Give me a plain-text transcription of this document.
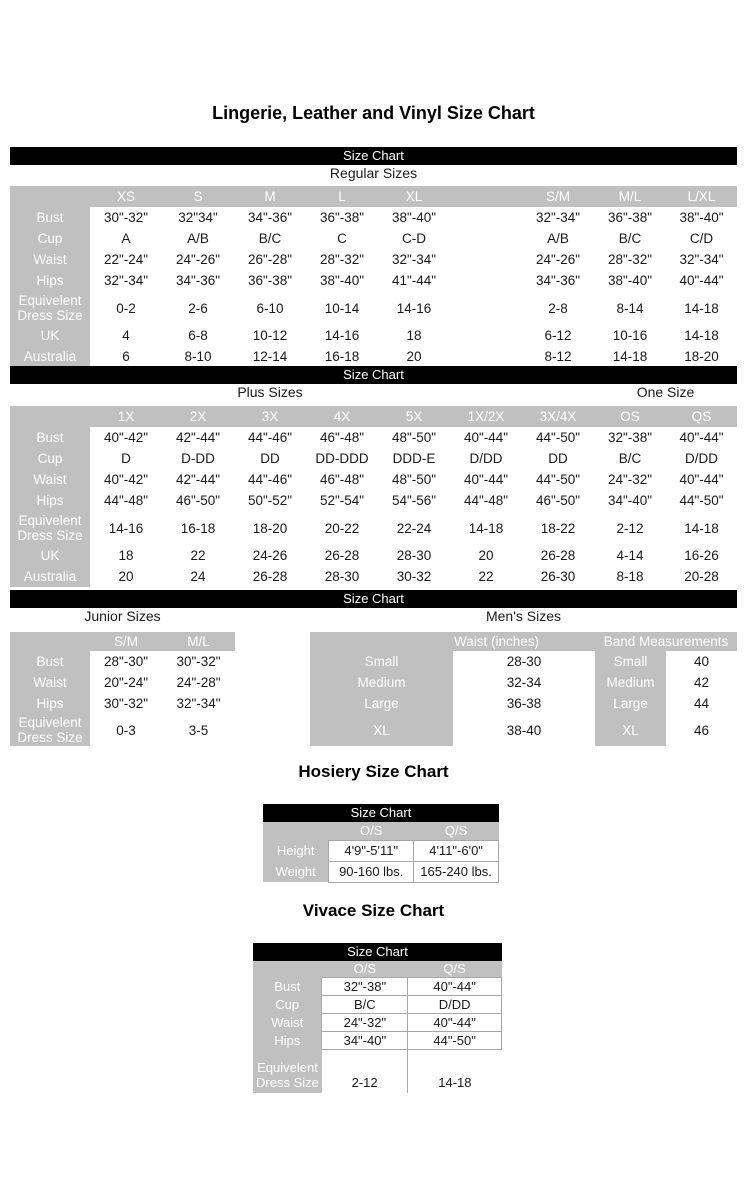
Lingerie, Leather and Vinyl Size Chart
Size Chart
Regular Sizes
	XS	S	M	L	XL		S/M	M/L	L/XL
Bust	30"-32"	32"34"	34"-36"	36"-38"	38"-40"		32"-34"	36"-38"	38"-40"
Cup	A	A/B	B/C	C	C-D		A/B	B/C	C/D
Waist	22"-24"	24"-26"	26"-28"	28"-32"	32"-34"		24"-26"	28"-32"	32"-34"
Hips	32"-34"	34"-36"	36"-38"	38"-40"	41"-44"		34"-36"	38"-40"	40"-44"
Equivelent Dress Size	0-2	2-6	6-10	10-14	14-16		2-8	8-14	14-18
UK	4	6-8	10-12	14-16	18		6-12	10-16	14-18
Australia	6	8-10	12-14	16-18	20		8-12	14-18	18-20
Size Chart
Plus Sizes	One Size
	1X	2X	3X	4X	5X	1X/2X	3X/4X	OS	QS
Bust	40"-42"	42"-44"	44"-46"	46"-48"	48"-50"	40"-44"	44"-50"	32"-38"	40"-44"
Cup	D	D-DD	DD	DD-DDD	DDD-E	D/DD	DD	B/C	D/DD
Waist	40"-42"	42"-44"	44"-46"	46"-48"	48"-50"	40"-44"	44"-50"	24"-32"	40"-44"
Hips	44"-48"	46"-50"	50"-52"	52"-54"	54"-56"	44"-48"	46"-50"	34"-40"	44"-50"
Equivelent Dress Size	14-16	16-18	18-20	20-22	22-24	14-18	18-22	2-12	14-18
UK	18	22	24-26	26-28	28-30	20	26-28	4-14	16-26
Australia	20	24	26-28	28-30	30-32	22	26-30	8-18	20-28
Size Chart
Junior Sizes	Men's Sizes
	S/M	M/L
Bust	28"-30"	30"-32"
Waist	20"-24"	24"-28"
Hips	30"-32"	32"-34"
Equivelent Dress Size	0-3	3-5
Waist (inches)		Band Measurements	
Small	28-30	Small	40
Medium	32-34	Medium	42
Large	36-38	Large	44
XL	38-40	XL	46
Hosiery Size Chart
Size Chart
	O/S	Q/S
Height	4'9"-5'11"	4'11"-6'0"
Weight	90-160 lbs.	165-240 lbs.
Vivace Size Chart
Size Chart
	O/S	Q/S
Bust	32"-38"	40"-44"
Cup	B/C	D/DD
Waist	24"-32"	40"-44"
Hips	34"-40"	44"-50"
Equivelent Dress Size	2-12	14-18
